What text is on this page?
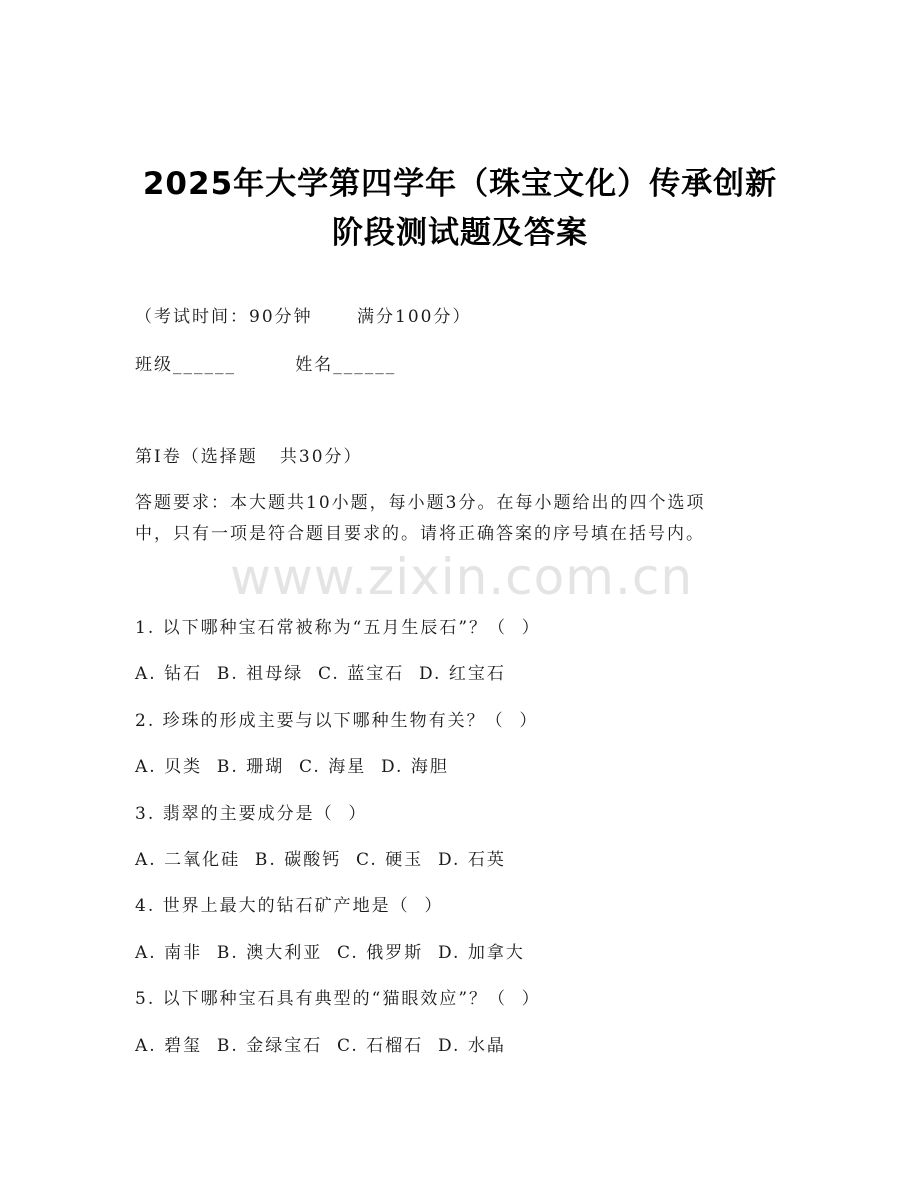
www.zixin.com.cn
2025年大学第四学年（珠宝文化）传承创新
阶段测试题及答案
（考试时间：90分钟      满分100分）
班级______        姓名______
第I卷（选择题   共30分）
答题要求：本大题共10小题，每小题3分。在每小题给出的四个选项
中，只有一项是符合题目要求的。请将正确答案的序号填在括号内。
1. 以下哪种宝石常被称为“五月生辰石”？（  ）
A. 钻石  B. 祖母绿  C. 蓝宝石  D. 红宝石
2. 珍珠的形成主要与以下哪种生物有关？（  ）
A. 贝类  B. 珊瑚  C. 海星  D. 海胆
3. 翡翠的主要成分是（  ）
A. 二氧化硅  B. 碳酸钙  C. 硬玉  D. 石英
4. 世界上最大的钻石矿产地是（  ）
A. 南非  B. 澳大利亚  C. 俄罗斯  D. 加拿大
5. 以下哪种宝石具有典型的“猫眼效应”？（  ）
A. 碧玺  B. 金绿宝石  C. 石榴石  D. 水晶
